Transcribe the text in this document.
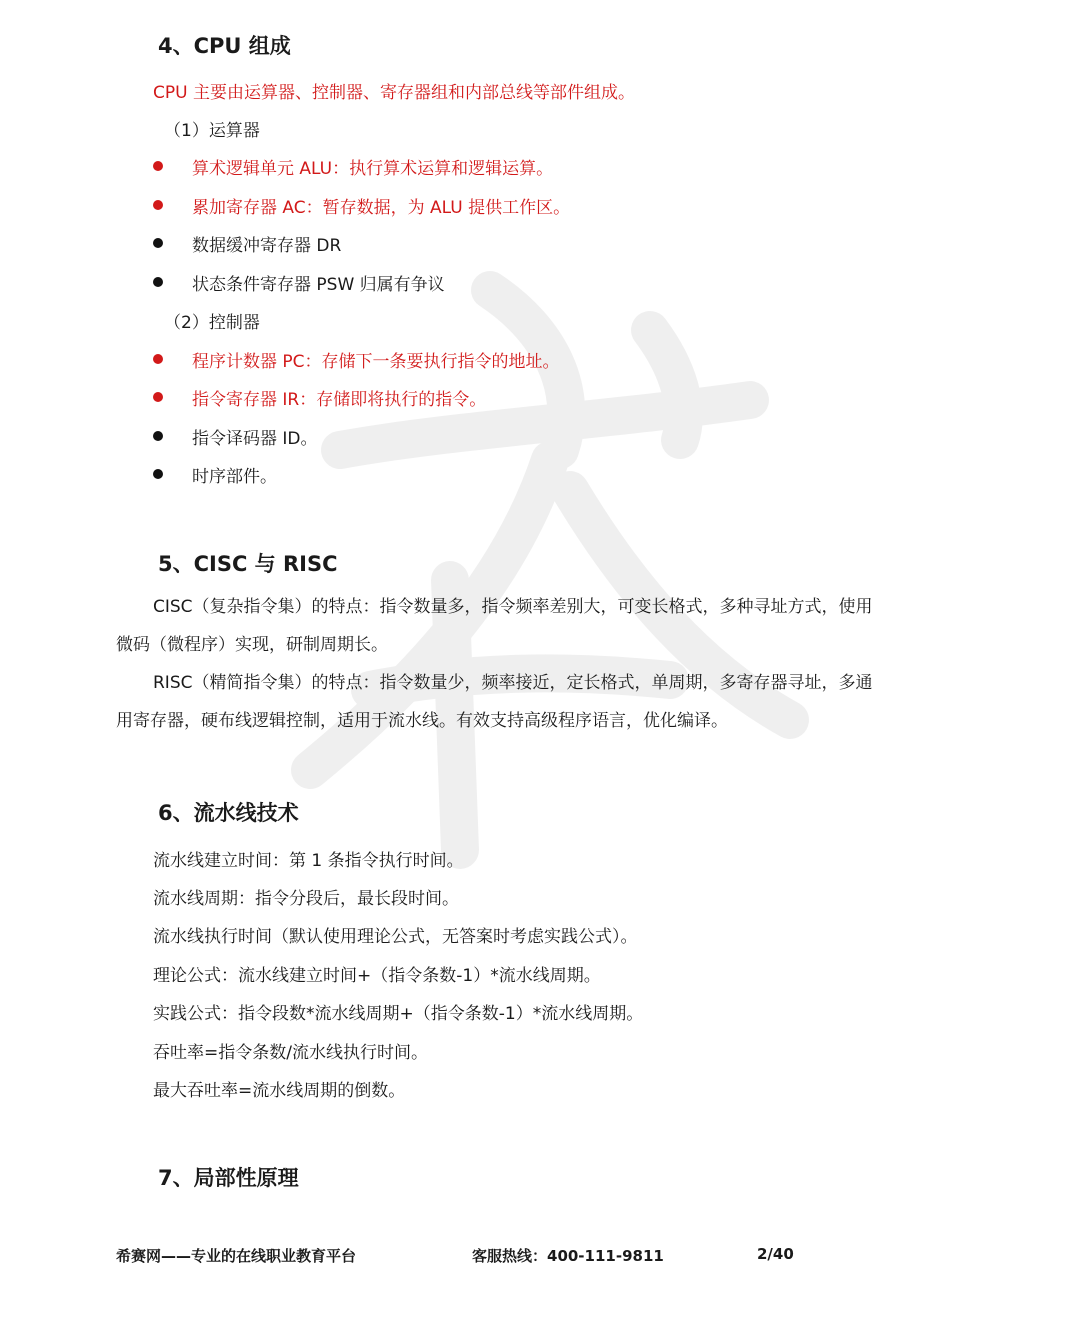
4、CPU 组成
CPU 主要由运算器、控制器、寄存器组和内部总线等部件组成。
（1）运算器
算术逻辑单元 ALU：执行算术运算和逻辑运算。
累加寄存器 AC：暂存数据，为 ALU 提供工作区。
数据缓冲寄存器 DR
状态条件寄存器 PSW 归属有争议
（2）控制器
程序计数器 PC：存储下一条要执行指令的地址。
指令寄存器 IR：存储即将执行的指令。
指令译码器 ID。
时序部件。
5、CISC 与 RISC
CISC（复杂指令集）的特点：指令数量多，指令频率差别大，可变长格式，多种寻址方式，使用
微码（微程序）实现，研制周期长。
RISC（精简指令集）的特点：指令数量少，频率接近，定长格式，单周期，多寄存器寻址，多通
用寄存器，硬布线逻辑控制，适用于流水线。有效支持高级程序语言，优化编译。
6、流水线技术
流水线建立时间：第 1 条指令执行时间。
流水线周期：指令分段后，最长段时间。
流水线执行时间（默认使用理论公式，无答案时考虑实践公式）。
理论公式：流水线建立时间+（指令条数-1）*流水线周期。
实践公式：指令段数*流水线周期+（指令条数-1）*流水线周期。
吞吐率=指令条数/流水线执行时间。
最大吞吐率=流水线周期的倒数。
7、局部性原理
希赛网——专业的在线职业教育平台	客服热线：400-111-9811	2/40
